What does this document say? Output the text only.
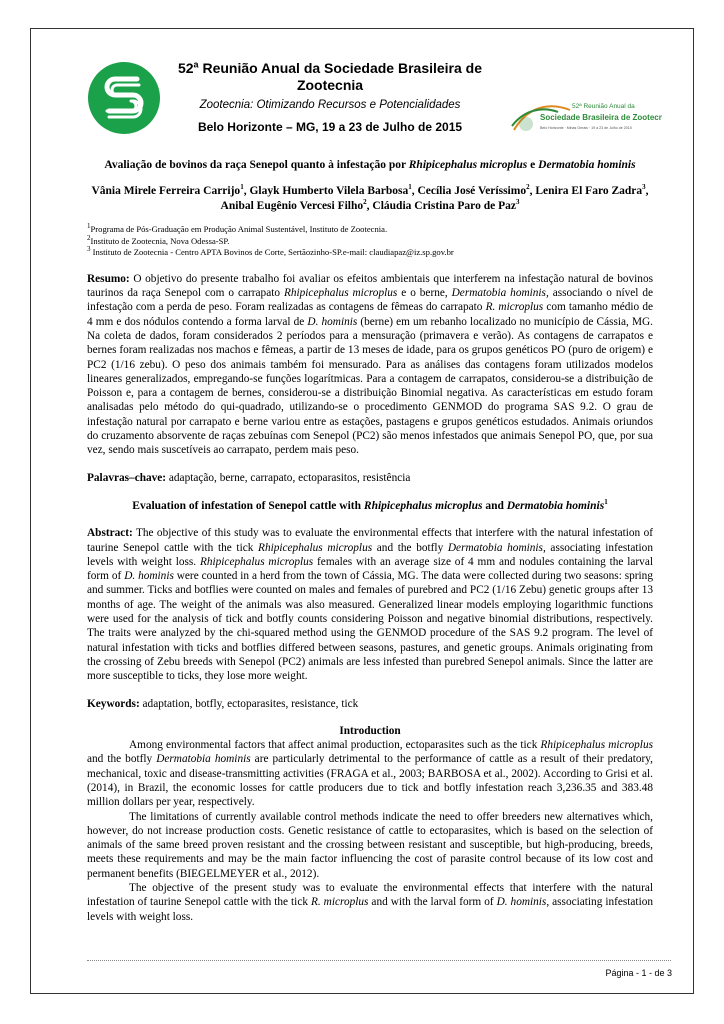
52$^a$ Reunião Anual da Sociedade Brasileira de Zootecnia
Zootecnia: Otimizando Recursos e Potencialidades
Belo Horizonte – MG, 19 a 23 de Julho de 2015
52ª Reunião Anual da
Sociedade Brasileira de Zootecnia
Belo Horizonte · Minas Gerais · 19 a 23 de Julho de 2015

Avaliação de bovinos da raça Senepol quanto à infestação por Rhipicephalus microplus e Dermatobia hominis

Vânia Mirele Ferreira Carrijo$^1$, Glayk Humberto Vilela Barbosa$^1$, Cecília José Veríssimo$^2$, Lenira El Faro Zadra$^3$, Anibal Eugênio Vercesi Filho$^2$, Cláudia Cristina Paro de Paz$^3$

$^1$Programa de Pós-Graduação em Produção Animal Sustentável, Instituto de Zootecnia.

$^2$Instituto de Zootecnia, Nova Odessa-SP.

$^3$ Instituto de Zootecnia - Centro APTA Bovinos de Corte, Sertãozinho-SP.e-mail: claudiapaz@iz.sp.gov.br

Resumo: O objetivo do presente trabalho foi avaliar os efeitos ambientais que interferem na infestação natural de bovinos taurinos da raça Senepol com o carrapato Rhipicephalus microplus e o berne, Dermatobia hominis, associando o nível de infestação com a perda de peso. Foram realizadas as contagens de fêmeas do carrapato R. microplus com tamanho médio de 4 mm e dos nódulos contendo a forma larval de D. hominis (berne) em um rebanho localizado no município de Cássia, MG. Na coleta de dados, foram considerados 2 períodos para a mensuração (primavera e verão). As contagens de carrapatos e bernes foram realizadas nos machos e fêmeas, a partir de 13 meses de idade, para os grupos genéticos PO (puro de origem) e PC2 (1/16 zebu). O peso dos animais também foi mensurado. Para as análises das contagens foram utilizados modelos lineares generalizados, empregando-se funções logarítmicas. Para a contagem de carrapatos, considerou-se a distribuição de Poisson e, para a contagem de bernes, considerou-se a distribuição Binomial negativa. As características em estudo foram analisadas pelo método do qui-quadrado, utilizando-se o procedimento GENMOD do programa SAS 9.2. O grau de infestação natural por carrapato e berne variou entre as estações, pastagens e grupos genéticos estudados. Animais oriundos do cruzamento absorvente de raças zebuínas com Senepol (PC2) são menos infestados que animais Senepol PO, que, por sua vez, sendo mais suscetíveis ao carrapato, perdem mais peso.

Palavras–chave: adaptação, berne, carrapato, ectoparasitos, resistência

Evaluation of infestation of Senepol cattle with Rhipicephalus microplus and Dermatobia hominis$^1$

Abstract: The objective of this study was to evaluate the environmental effects that interfere with the natural infestation of taurine Senepol cattle with the tick Rhipicephalus microplus and the botfly Dermatobia hominis, associating infestation levels with weight loss. Rhipicephalus microplus females with an average size of 4 mm and nodules containing the larval form of D. hominis were counted in a herd from the town of Cássia, MG. The data were collected during two seasons: spring and summer. Ticks and botflies were counted on males and females of purebred and PC2 (1/16 Zebu) genetic groups after 13 months of age. The weight of the animals was also measured. Generalized linear models employing logarithmic functions were used for the analysis of tick and botfly counts considering Poisson and negative binomial distributions, respectively. The traits were analyzed by the chi-squared method using the GENMOD procedure of the SAS 9.2 program. The level of natural infestation with ticks and botflies differed between seasons, pastures, and genetic groups. Animals originating from the crossing of Zebu breeds with Senepol (PC2) animals are less infested than purebred Senepol animals. Since the latter are more susceptible to ticks, they lose more weight.

Keywords: adaptation, botfly, ectoparasites, resistance, tick

Introduction

Among environmental factors that affect animal production, ectoparasites such as the tick Rhipicephalus microplus and the botfly Dermatobia hominis are particularly detrimental to the performance of cattle as a result of their predatory, mechanical, toxic and disease-transmitting activities (FRAGA et al., 2003; BARBOSA et al., 2002). According to Grisi et al. (2014), in Brazil, the economic losses for cattle producers due to tick and botfly infestation reach 3,236.35 and 383.48 million dollars per year, respectively.

The limitations of currently available control methods indicate the need to offer breeders new alternatives which, however, do not increase production costs. Genetic resistance of cattle to ectoparasites, which is based on the selection of animals of the same breed proven resistant and the crossing between resistant and susceptible, but high-producing, breeds, meets these requirements and may be the main factor influencing the cost of parasite control because of its low cost and permanent benefits (BIEGELMEYER et al., 2012).

The objective of the present study was to evaluate the environmental effects that interfere with the natural infestation of taurine Senepol cattle with the tick R. microplus and with the larval form of D. hominis, associating infestation levels with weight loss.

Página - 1 - de 3
